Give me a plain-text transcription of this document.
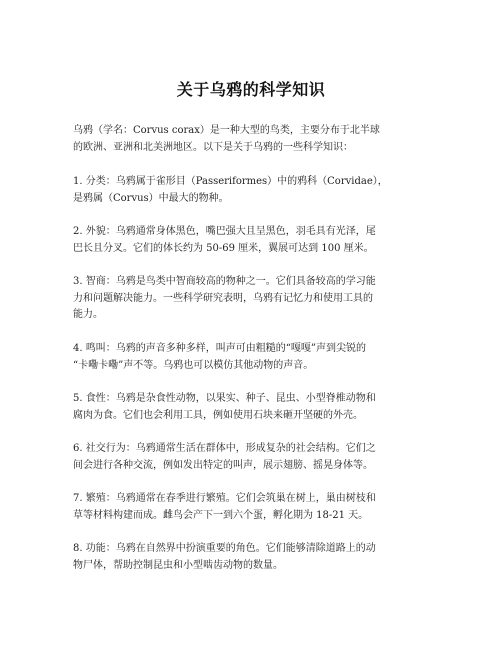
关于乌鸦的科学知识
乌鸦（学名：Corvus corax）是一种大型的鸟类，主要分布于北半球
的欧洲、亚洲和北美洲地区。以下是关于乌鸦的一些科学知识：
1. 分类：乌鸦属于雀形目（Passeriformes）中的鸦科（Corvidae），
是鸦属（Corvus）中最大的物种。
2. 外貌：乌鸦通常身体黑色，嘴巴强大且呈黑色，羽毛具有光泽，尾
巴长且分叉。它们的体长约为 50-69 厘米，翼展可达到 100 厘米。
3. 智商：乌鸦是鸟类中智商较高的物种之一。它们具备较高的学习能
力和问题解决能力。一些科学研究表明，乌鸦有记忆力和使用工具的
能力。
4. 鸣叫：乌鸦的声音多种多样，叫声可由粗糙的“嘎嘎”声到尖锐的
“卡嘞卡嘞”声不等。乌鸦也可以模仿其他动物的声音。
5. 食性：乌鸦是杂食性动物，以果实、种子、昆虫、小型脊椎动物和
腐肉为食。它们也会利用工具，例如使用石块来砸开坚硬的外壳。
6. 社交行为：乌鸦通常生活在群体中，形成复杂的社会结构。它们之
间会进行各种交流，例如发出特定的叫声，展示翅膀、摇晃身体等。
7. 繁殖：乌鸦通常在春季进行繁殖。它们会筑巢在树上，巢由树枝和
草等材料构建而成。雌鸟会产下一到六个蛋，孵化期为 18-21 天。
8. 功能：乌鸦在自然界中扮演重要的角色。它们能够清除道路上的动
物尸体，帮助控制昆虫和小型啮齿动物的数量。
